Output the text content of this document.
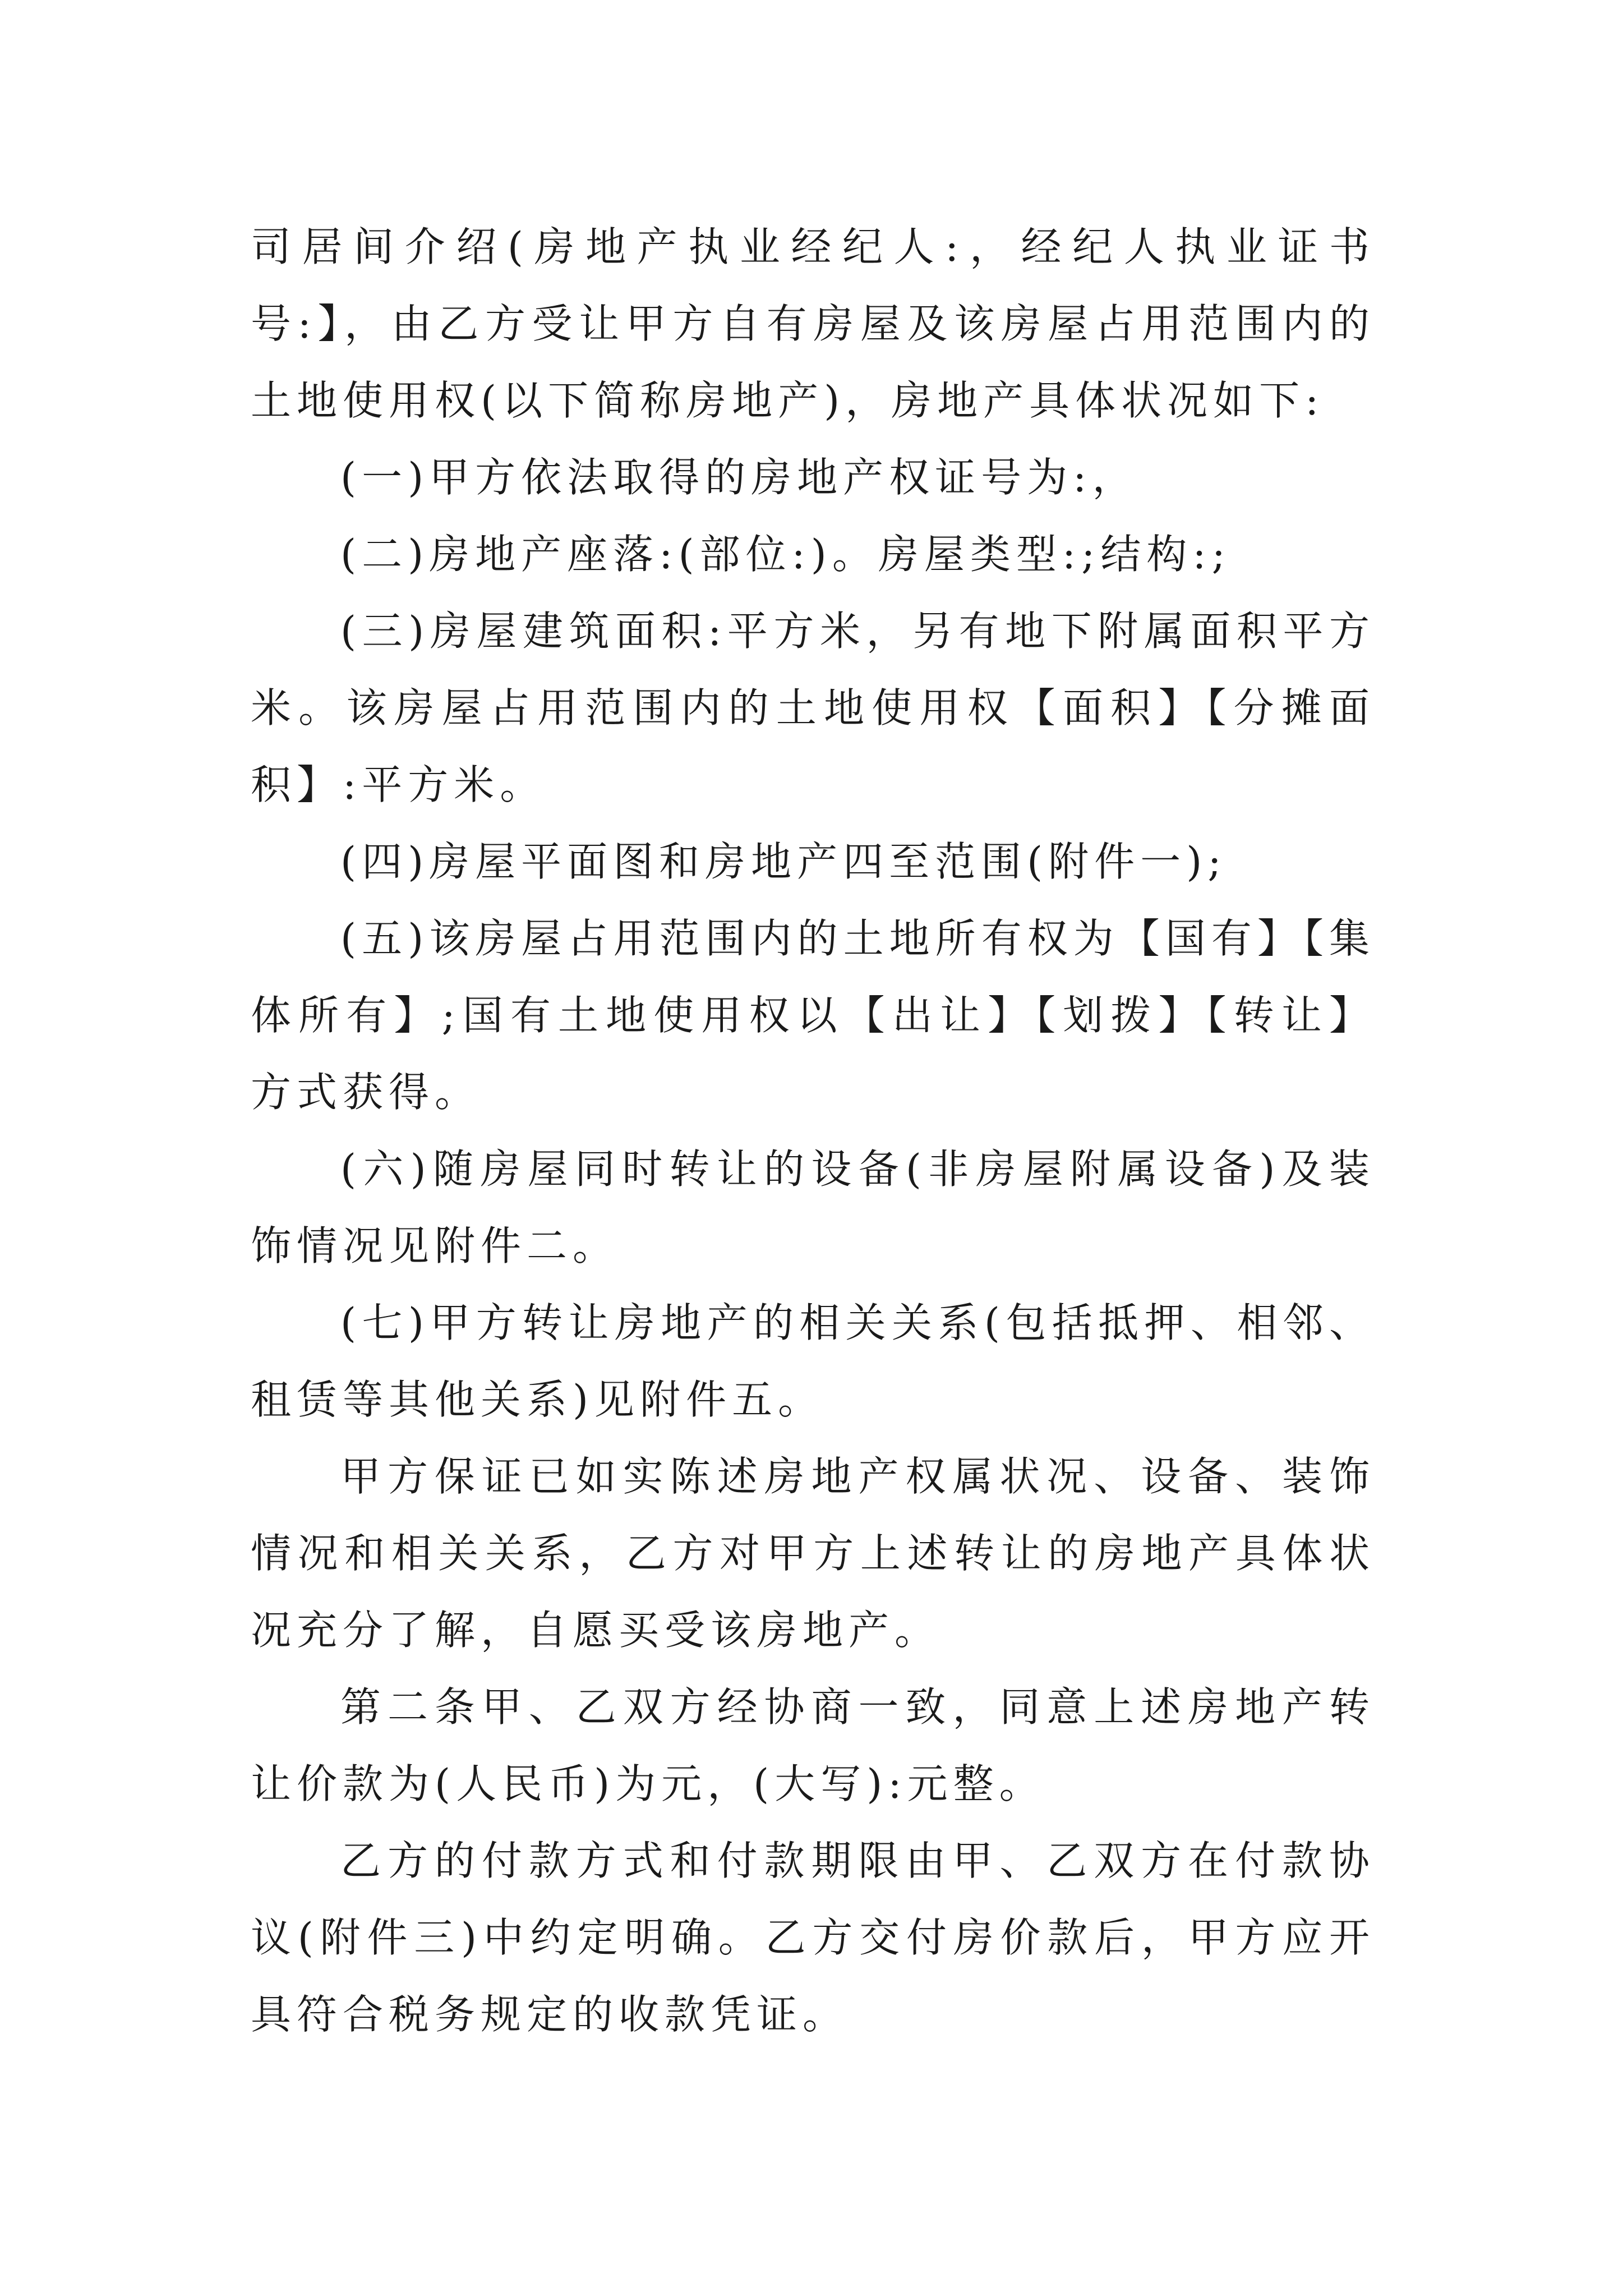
司居间介绍(房地产执业经纪人:，经纪人执业证书号:】，由乙方受让甲方自有房屋及该房屋占用范围内的土地使用权(以下简称房地产)，房地产具体状况如下:

(一)甲方依法取得的房地产权证号为:，

(二)房地产座落:(部位:)。房屋类型:;结构:;

(三)房屋建筑面积:平方米，另有地下附属面积平方米。该房屋占用范围内的土地使用权【面积】【分摊面积】:平方米。

(四)房屋平面图和房地产四至范围(附件一);

(五)该房屋占用范围内的土地所有权为【国有】【集体所有】;国有土地使用权以【出让】【划拨】【转让】方式获得。

(六)随房屋同时转让的设备(非房屋附属设备)及装饰情况见附件二。

(七)甲方转让房地产的相关关系(包括抵押、相邻、租赁等其他关系)见附件五。

甲方保证已如实陈述房地产权属状况、设备、装饰情况和相关关系，乙方对甲方上述转让的房地产具体状况充分了解，自愿买受该房地产。

第二条甲、乙双方经协商一致，同意上述房地产转让价款为(人民币)为元，(大写):元整。

乙方的付款方式和付款期限由甲、乙双方在付款协议(附件三)中约定明确。乙方交付房价款后，甲方应开具符合税务规定的收款凭证。
